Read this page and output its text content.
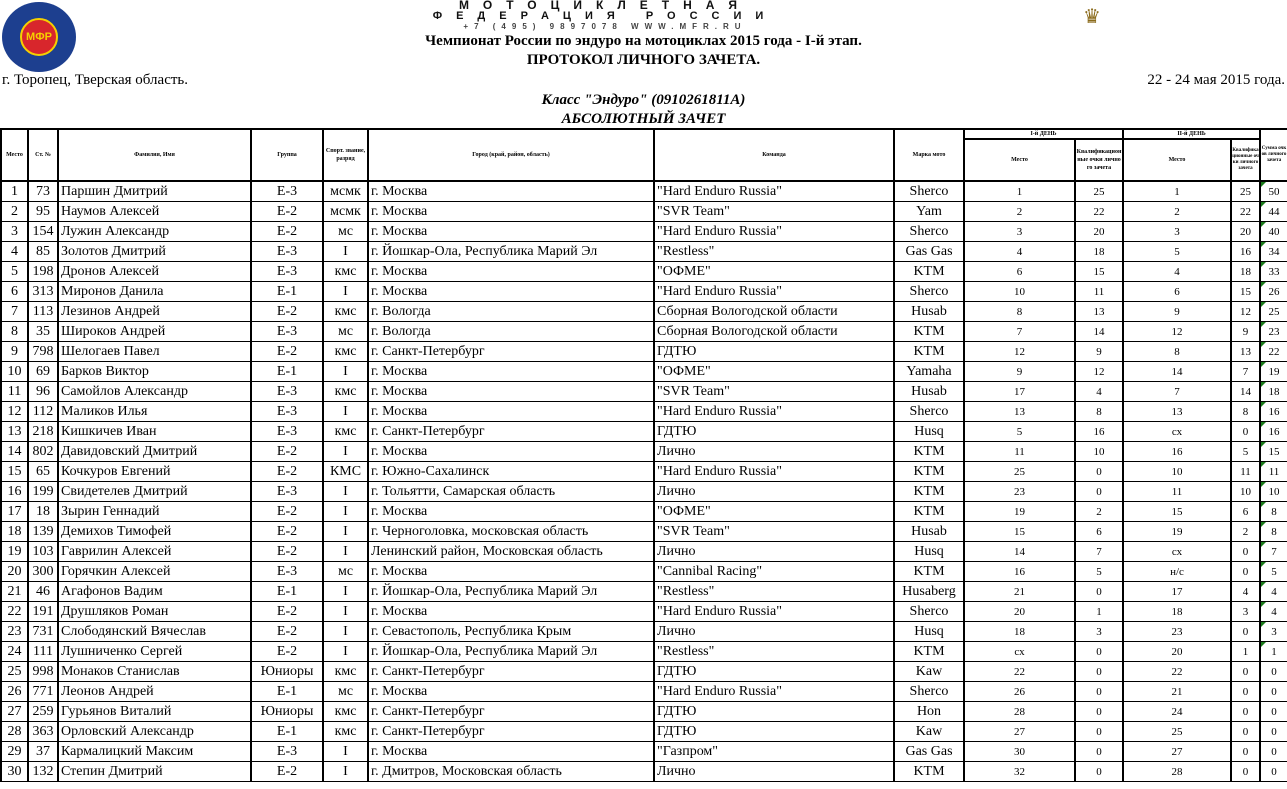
МФР
МОТОЦИКЛЕТНАЯ
ФЕДЕРАЦИЯ РОССИИ
+7 (495) 9897078 WWW.MFR.RU	♛
Чемпионат России по эндуро на мотоциклах 2015 года - I-й этап.
ПРОТОКОЛ ЛИЧНОГО ЗАЧЕТА.
г. Торопец, Тверская область.	22 - 24 мая 2015 года.
Класс "Эндуро" (0910261811А)
АБСОЛЮТНЫЙ ЗАЧЕТ
Место	Ст. №	Фамилия, Имя	Группа	Спорт. звание, разряд	Город (край, район, область)	Команда	Марка мото	I-й ДЕНЬ		II-й ДЕНЬ		Сумма очков личного зачета
								Место	Квалификационные очки личного зачета	Место	Квалификационные очки личного зачета	
1	73	Паршин Дмитрий	E-3	мсмк	г. Москва	"Hard Enduro Russia"	Sherco	1	25	1	25	50
2	95	Наумов Алексей	E-2	мсмк	г. Москва	"SVR Team"	Yam	2	22	2	22	44
3	154	Лужин Александр	E-2	мс	г. Москва	"Hard Enduro Russia"	Sherco	3	20	3	20	40
4	85	Золотов Дмитрий	E-3	I	г. Йошкар-Ола, Республика Марий Эл	"Restless"	Gas Gas	4	18	5	16	34
5	198	Дронов Алексей	E-3	кмс	г. Москва	"ОФМЕ"	KTM	6	15	4	18	33
6	313	Миронов Данила	E-1	I	г. Москва	"Hard Enduro Russia"	Sherco	10	11	6	15	26
7	113	Лезинов Андрей	E-2	кмс	г. Вологда	Сборная Вологодской области	Husab	8	13	9	12	25
8	35	Широков Андрей	E-3	мс	г. Вологда	Сборная Вологодской области	KTM	7	14	12	9	23
9	798	Шелогаев Павел	E-2	кмс	г. Санкт-Петербург	ГДТЮ	KTM	12	9	8	13	22
10	69	Барков Виктор	E-1	I	г. Москва	"ОФМЕ"	Yamaha	9	12	14	7	19
11	96	Самойлов Александр	E-3	кмс	г. Москва	"SVR Team"	Husab	17	4	7	14	18
12	112	Маликов Илья	E-3	I	г. Москва	"Hard Enduro Russia"	Sherco	13	8	13	8	16
13	218	Кишкичев Иван	E-3	кмс	г. Санкт-Петербург	ГДТЮ	Husq	5	16	сх	0	16
14	802	Давидовский Дмитрий	E-2	I	г. Москва	Лично	KTM	11	10	16	5	15
15	65	Кочкуров Евгений	E-2	КМС	г. Южно-Сахалинск	"Hard Enduro Russia"	KTM	25	0	10	11	11
16	199	Свидетелев Дмитрий	E-3	I	г. Тольятти, Самарская область	Лично	KTM	23	0	11	10	10
17	18	Зырин Геннадий	E-2	I	г. Москва	"ОФМЕ"	KTM	19	2	15	6	8
18	139	Демихов Тимофей	E-2	I	г. Черноголовка, московская область	"SVR Team"	Husab	15	6	19	2	8
19	103	Гаврилин Алексей	E-2	I	Ленинский район, Московская область	Лично	Husq	14	7	сх	0	7
20	300	Горячкин Алексей	E-3	мс	г. Москва	"Cannibal Racing"	KTM	16	5	н/с	0	5
21	46	Агафонов Вадим	E-1	I	г. Йошкар-Ола, Республика Марий Эл	"Restless"	Husaberg	21	0	17	4	4
22	191	Друшляков Роман	E-2	I	г. Москва	"Hard Enduro Russia"	Sherco	20	1	18	3	4
23	731	Слободянский Вячеслав	E-2	I	г. Севастополь, Республика Крым	Лично	Husq	18	3	23	0	3
24	111	Лушниченко Сергей	E-2	I	г. Йошкар-Ола, Республика Марий Эл	"Restless"	KTM	сх	0	20	1	1
25	998	Монаков Станислав	Юниоры	кмс	г. Санкт-Петербург	ГДТЮ	Kaw	22	0	22	0	0
26	771	Леонов Андрей	E-1	мс	г. Москва	"Hard Enduro Russia"	Sherco	26	0	21	0	0
27	259	Гурьянов Виталий	Юниоры	кмс	г. Санкт-Петербург	ГДТЮ	Hon	28	0	24	0	0
28	363	Орловский Александр	E-1	кмс	г. Санкт-Петербург	ГДТЮ	Kaw	27	0	25	0	0
29	37	Кармалицкий Максим	E-3	I	г. Москва	"Газпром"	Gas Gas	30	0	27	0	0
30	132	Степин Дмитрий	E-2	I	г. Дмитров, Московская область	Лично	KTM	32	0	28	0	0
